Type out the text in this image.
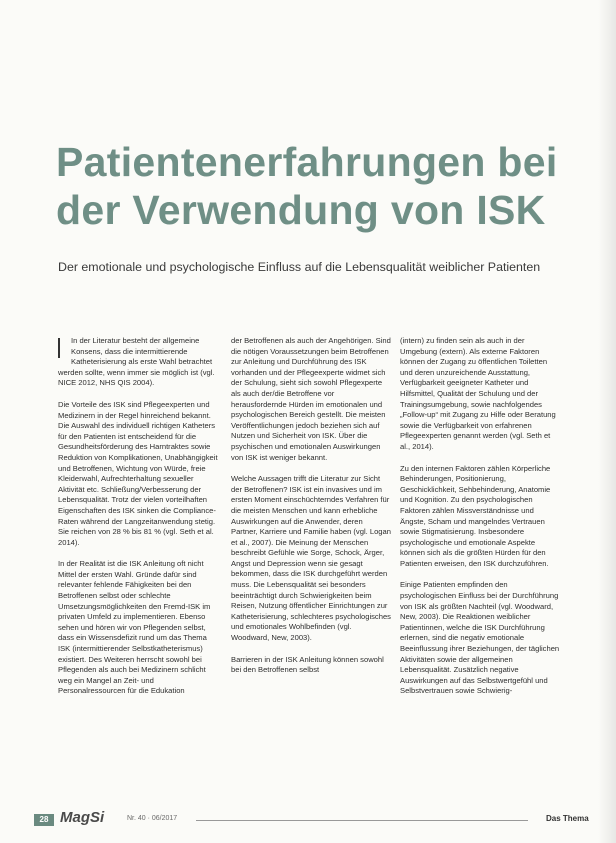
Patientenerfahrungen bei der Verwendung von ISK
Der emotionale und psychologische Einfluss auf die Lebensqualität weiblicher Patienten

In der Literatur besteht der allgemeine Konsens, dass die intermittierende Katheterisierung als erste Wahl betrachtet werden sollte, wenn immer sie möglich ist (vgl. NICE 2012, NHS QIS 2004).

Die Vorteile des ISK sind Pflegeexperten und Medizinern in der Regel hinreichend bekannt. Die Auswahl des individuell richtigen Katheters für den Patienten ist entscheidend für die Gesundheitsförderung des Harntraktes sowie Reduktion von Komplikationen, Unabhängigkeit und Betroffenen, Wichtung von Würde, freie Kleiderwahl, Aufrechterhaltung sexueller Aktivität etc. Schließung/Verbesserung der Lebensqualität. Trotz der vielen vorteilhaften Eigenschaften des ISK sinken die Compliance-Raten während der Langzeitanwendung stetig. Sie reichen von 28 % bis 81 % (vgl. Seth et al. 2014).

In der Realität ist die ISK Anleitung oft nicht Mittel der ersten Wahl. Gründe dafür sind relevanter fehlende Fähigkeiten bei den Betroffenen selbst oder schlechte Umsetzungsmöglichkeiten den Fremd-ISK im privaten Umfeld zu implementieren. Ebenso sehen und hören wir von Pflegenden selbst, dass ein Wissensdefizit rund um das Thema ISK (intermittierender Selbstkatheterismus) existiert. Des Weiteren herrscht sowohl bei Pflegenden als auch bei Medizinern schlicht weg ein Mangel an Zeit- und Personalressourcen für die Edukation

der Betroffenen als auch der Angehörigen. Sind die nötigen Voraussetzungen beim Betroffenen zur Anleitung und Durchführung des ISK vorhanden und der Pflegeexperte widmet sich der Schulung, sieht sich sowohl Pflegexperte als auch der/die Betroffene vor herausfordernde Hürden im emotionalen und psychologischen Bereich gestellt. Die meisten Veröffentlichungen jedoch beziehen sich auf Nutzen und Sicherheit von ISK. Über die psychischen und emotionalen Auswirkungen von ISK ist weniger bekannt.

Welche Aussagen trifft die Literatur zur Sicht der Betroffenen? ISK ist ein invasives und im ersten Moment einschüchterndes Verfahren für die meisten Menschen und kann erhebliche Auswirkungen auf die Anwender, deren Partner, Karriere und Familie haben (vgl. Logan et al., 2007). Die Meinung der Menschen beschreibt Gefühle wie Sorge, Schock, Ärger, Angst und Depression wenn sie gesagt bekommen, dass die ISK durchgeführt werden muss. Die Lebensqualität sei besonders beeinträchtigt durch Schwierigkeiten beim Reisen, Nutzung öffentlicher Einrichtungen zur Katheterisierung, schlechteres psychologisches und emotionales Wohlbefinden (vgl. Woodward, New, 2003).

Barrieren in der ISK Anleitung können sowohl bei den Betroffenen selbst

(intern) zu finden sein als auch in der Umgebung (extern). Als externe Faktoren können der Zugang zu öffentlichen Toiletten und deren unzureichende Ausstattung, Verfügbarkeit geeigneter Katheter und Hilfsmittel, Qualität der Schulung und der Trainingsumgebung, sowie nachfolgendes „Follow-up“ mit Zugang zu Hilfe oder Beratung sowie die Verfügbarkeit von erfahrenen Pflegeexperten genannt werden (vgl. Seth et al., 2014).

Zu den internen Faktoren zählen Körperliche Behinderungen, Positionierung, Geschicklichkeit, Sehbehinderung, Anatomie und Kognition. Zu den psychologischen Faktoren zählen Missverständnisse und Ängste, Scham und mangelndes Vertrauen sowie Stigmatisierung. Insbesondere psychologische und emotionale Aspekte können sich als die größten Hürden für den Patienten erweisen, den ISK durchzuführen.

Einige Patienten empfinden den psychologischen Einfluss bei der Durchführung von ISK als größten Nachteil (vgl. Woodward, New, 2003). Die Reaktionen weiblicher Patientinnen, welche die ISK Durchführung erlernen, sind die negativ emotionale Beeinflussung ihrer Beziehungen, der täglichen Aktivitäten sowie der allgemeinen Lebensqualität. Zusätzlich negative Auswirkungen auf das Selbstwertgefühl und Selbstvertrauen sowie Schwierig-

28 MagSi	Nr. 40 · 06/2017	Das Thema
